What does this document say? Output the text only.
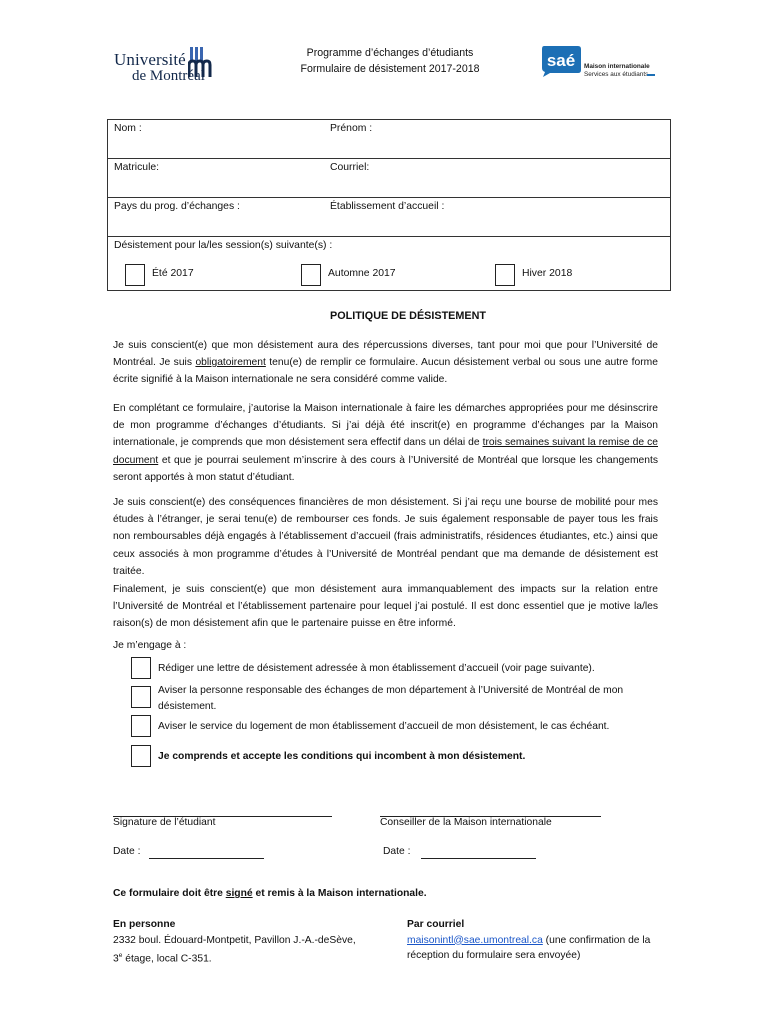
Université
de Montréal
Programme d’échanges d’étudiants
Formulaire de désistement 2017-2018	saé Maison internationale
Services aux étudiants
Nom :	Prénom :
Matricule:	Courriel:
Pays du prog. d’échanges :	Établissement d’accueil :
Désistement pour la/les session(s) suivante(s) :
Été 2017	Automne 2017	Hiver 2018
POLITIQUE DE DÉSISTEMENT
Je suis conscient(e) que mon désistement aura des répercussions diverses, tant pour moi que pour l’Université de Montréal. Je suis obligatoirement tenu(e) de remplir ce formulaire. Aucun désistement verbal ou sous une autre forme écrite signifié à la Maison internationale ne sera considéré comme valide.
En complétant ce formulaire, j’autorise la Maison internationale à faire les démarches appropriées pour me désinscrire de mon programme d’échanges d’étudiants. Si j’ai déjà été inscrit(e) en programme d’échanges par la Maison internationale, je comprends que mon désistement sera effectif dans un délai de trois semaines suivant la remise de ce document et que je pourrai seulement m’inscrire à des cours à l’Université de Montréal que lorsque les changements seront apportés à mon statut d’étudiant.
Je suis conscient(e) des conséquences financières de mon désistement. Si j’ai reçu une bourse de mobilité pour mes études à l’étranger, je serai tenu(e) de rembourser ces fonds. Je suis également responsable de payer tous les frais non remboursables déjà engagés à l’établissement d’accueil (frais administratifs, résidences étudiantes, etc.) ainsi que ceux associés à mon programme d’études à l’Université de Montréal pendant que ma demande de désistement est traitée.
Finalement, je suis conscient(e) que mon désistement aura immanquablement des impacts sur la relation entre l’Université de Montréal et l’établissement partenaire pour lequel j’ai postulé. Il est donc essentiel que je motive la/les raison(s) de mon désistement afin que le partenaire puisse en être informé.
Je m’engage à :
Rédiger une lettre de désistement adressée à mon établissement d’accueil (voir page suivante).
Aviser la personne responsable des échanges de mon département à l’Université de Montréal de mon désistement.
Aviser le service du logement de mon établissement d’accueil de mon désistement, le cas échéant.
Je comprends et accepte les conditions qui incombent à mon désistement.
Signature de l’étudiant	Conseiller de la Maison internationale
Date :	Date :
Ce formulaire doit être signé et remis à la Maison internationale.
En personne
2332 boul. Édouard-Montpetit, Pavillon J.-A.-deSève,
3e étage, local C-351.
Par courriel
maisonintl@sae.umontreal.ca (une confirmation de la
réception du formulaire sera envoyée)
